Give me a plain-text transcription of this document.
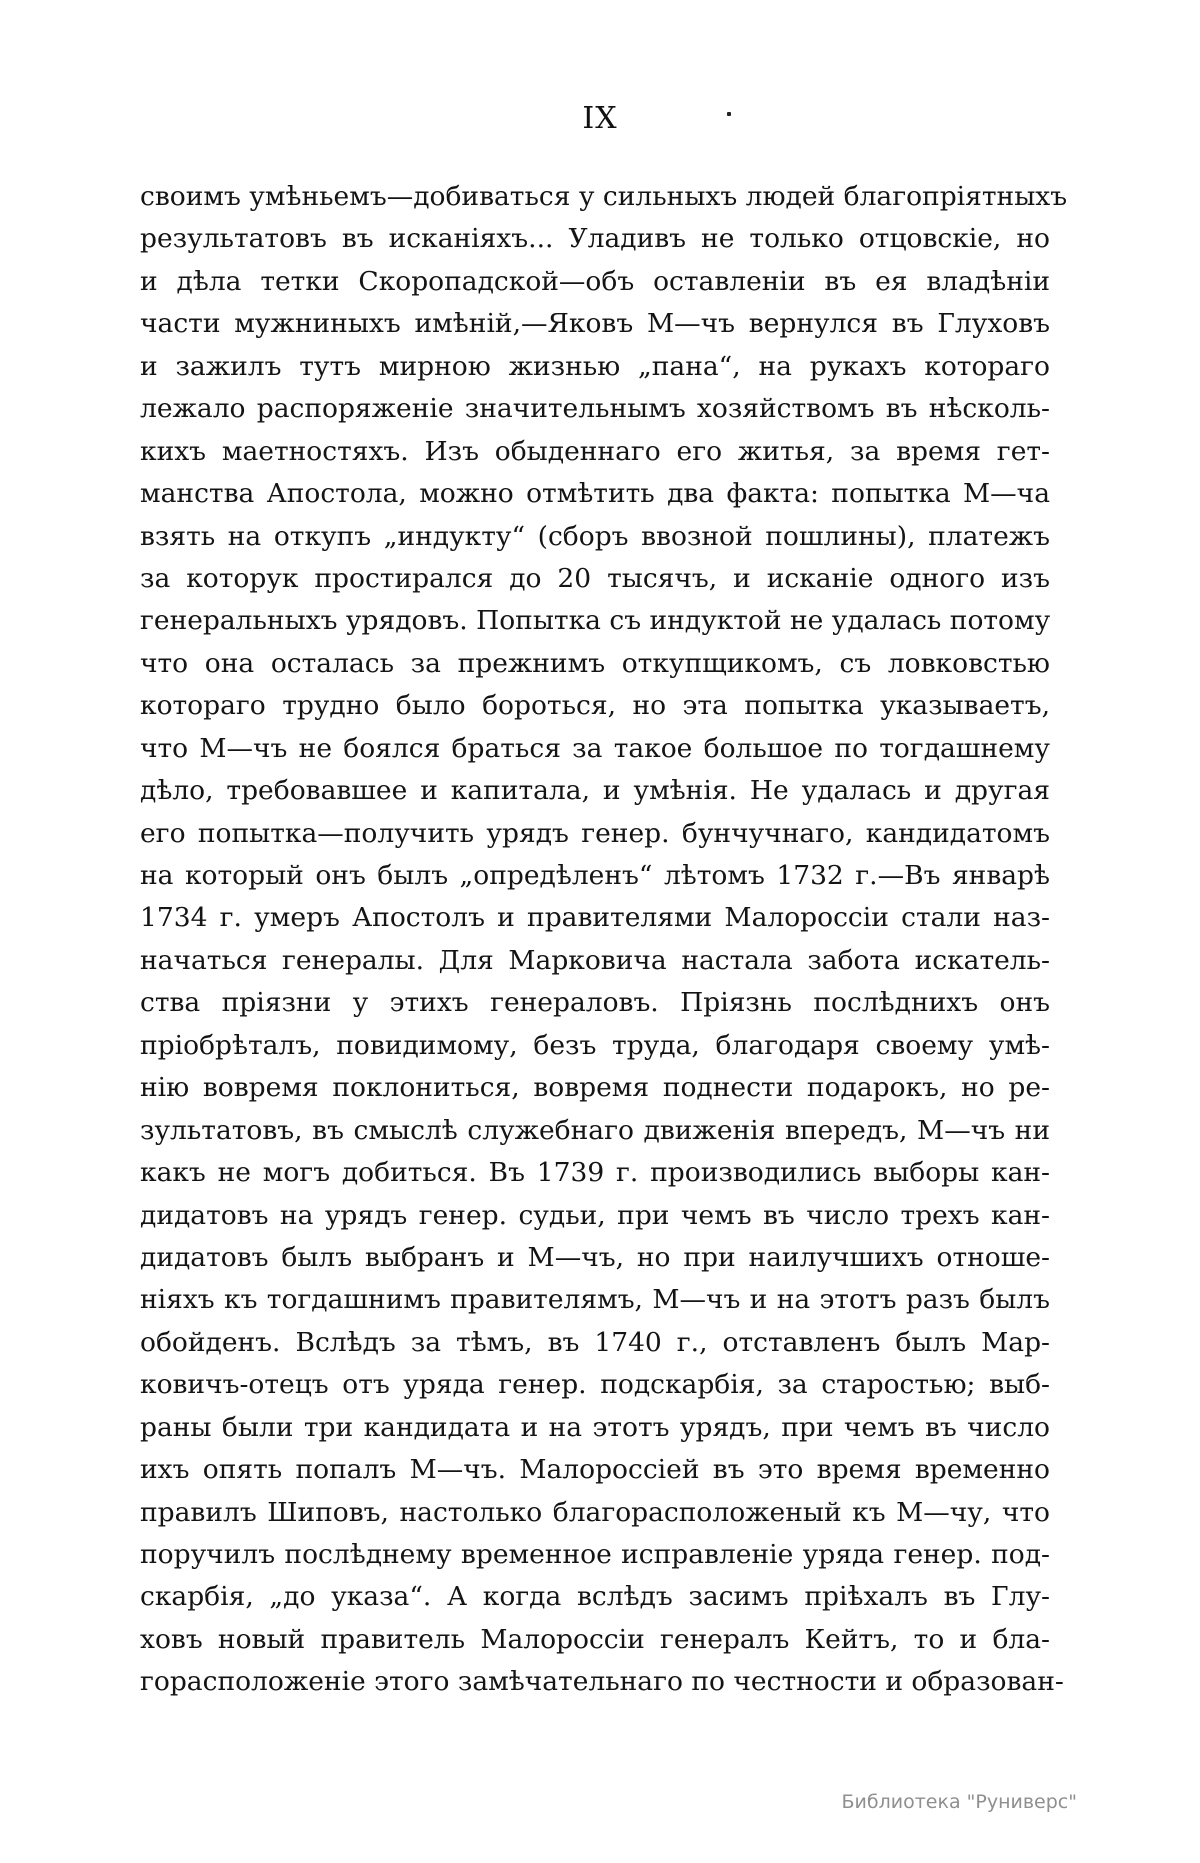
IX
своимъ умѣньемъ—добиваться у сильныхъ людей благопріятныхъ
результатовъ въ исканіяхъ... Уладивъ не только отцовскіе, но
и дѣла тетки Скоропадской—объ оставленіи въ ея владѣніи
части мужниныхъ имѣній,—Яковъ М—чъ вернулся въ Глуховъ
и зажилъ тутъ мирною жизнью „пана“, на рукахъ котораго
лежало распоряженіе значительнымъ хозяйствомъ въ нѣсколь-
кихъ маетностяхъ. Изъ обыденнаго его житья, за время гет-
манства Апостола, можно отмѣтить два факта: попытка М—ча
взять на откупъ „индукту“ (сборъ ввозной пошлины), платежъ
за которук простирался до 20 тысячъ, и исканіе одного изъ
генеральныхъ урядовъ. Попытка съ индуктой не удалась потому
что она осталась за прежнимъ откупщикомъ, съ ловковстью
котораго трудно было бороться, но эта попытка указываетъ,
что М—чъ не боялся браться за такое большое по тогдашнему
дѣло, требовавшее и капитала, и умѣнія. Не удалась и другая
его попытка—получить урядъ генер. бунчучнаго, кандидатомъ
на который онъ былъ „опредѣленъ“ лѣтомъ 1732 г.—Въ январѣ
1734 г. умеръ Апостолъ и правителями Малороссіи стали наз-
начаться генералы. Для Марковича настала забота искатель-
ства пріязни у этихъ генераловъ. Пріязнь послѣднихъ онъ
пріобрѣталъ, повидимому, безъ труда, благодаря своему умѣ-
нію вовремя поклониться, вовремя поднести подарокъ, но ре-
зультатовъ, въ смыслѣ служебнаго движенія впередъ, М—чъ ни
какъ не могъ добиться. Въ 1739 г. производились выборы кан-
дидатовъ на урядъ генер. судьи, при чемъ въ число трехъ кан-
дидатовъ былъ выбранъ и М—чъ, но при наилучшихъ отноше-
ніяхъ къ тогдашнимъ правителямъ, М—чъ и на этотъ разъ былъ
обойденъ. Вслѣдъ за тѣмъ, въ 1740 г., отставленъ былъ Мар-
ковичъ-отецъ отъ уряда генер. подскарбія, за старостью; выб-
раны были три кандидата и на этотъ урядъ, при чемъ въ число
ихъ опять попалъ М—чъ. Малороссіей въ это время временно
правилъ Шиповъ, настолько благорасположеный къ М—чу, что
поручилъ послѣднему временное исправленіе уряда генер. под-
скарбія, „до указа“. А когда вслѣдъ засимъ пріѣхалъ въ Глу-
ховъ новый правитель Малороссіи генералъ Кейтъ, то и бла-
горасположеніе этого замѣчательнаго по честности и образован-
Библиотека "Руниверс"
